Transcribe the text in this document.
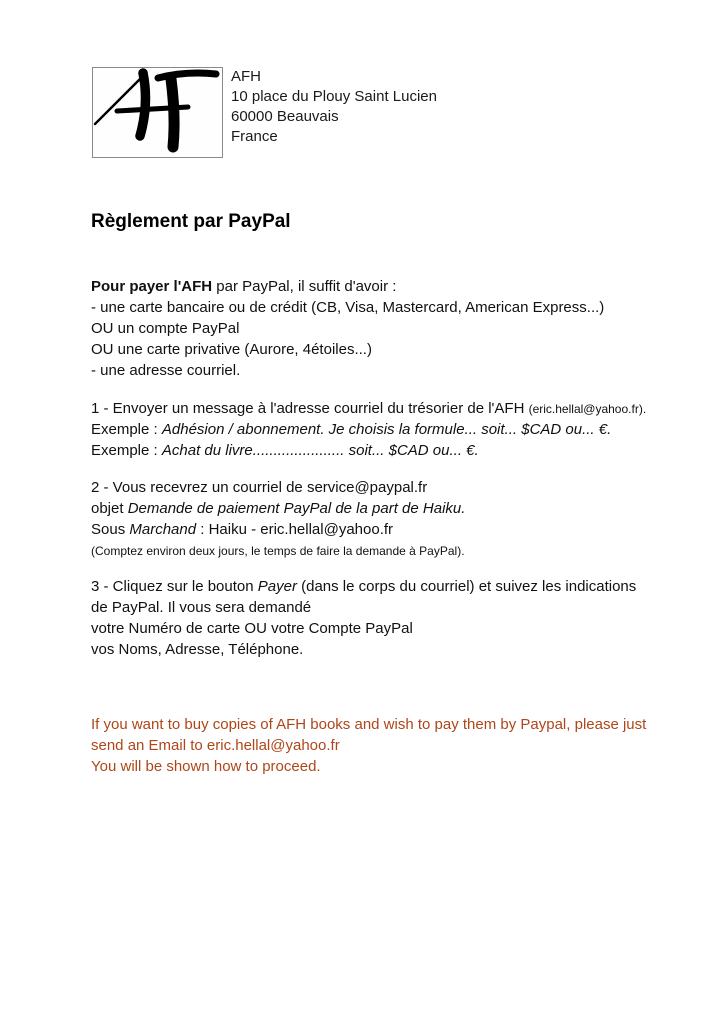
AFH
10 place du Plouy Saint Lucien
60000 Beauvais
France
Règlement par PayPal
Pour payer l'AFH par PayPal, il suffit d'avoir :
- une carte bancaire ou de crédit (CB, Visa, Mastercard, American Express...)
OU un compte PayPal
OU une carte privative (Aurore, 4étoiles...)
- une adresse courriel.
1 - Envoyer un message à l'adresse courriel du trésorier de l'AFH (eric.hellal@yahoo.fr).
Exemple : Adhésion / abonnement. Je choisis la formule... soit... $CAD ou... €.
Exemple : Achat du livre...................... soit... $CAD ou... €.
2 - Vous recevrez un courriel de service@paypal.fr
objet Demande de paiement PayPal de la part de Haiku.
Sous Marchand : Haiku - eric.hellal@yahoo.fr
(Comptez environ deux jours, le temps de faire la demande à PayPal).
3 - Cliquez sur le bouton Payer (dans le corps du courriel) et suivez les indications
de PayPal. Il vous sera demandé
votre Numéro de carte OU votre Compte PayPal
vos Noms, Adresse, Téléphone.
If you want to buy copies of AFH books and wish to pay them by Paypal, please just
send an Email to eric.hellal@yahoo.fr
You will be shown how to proceed.
